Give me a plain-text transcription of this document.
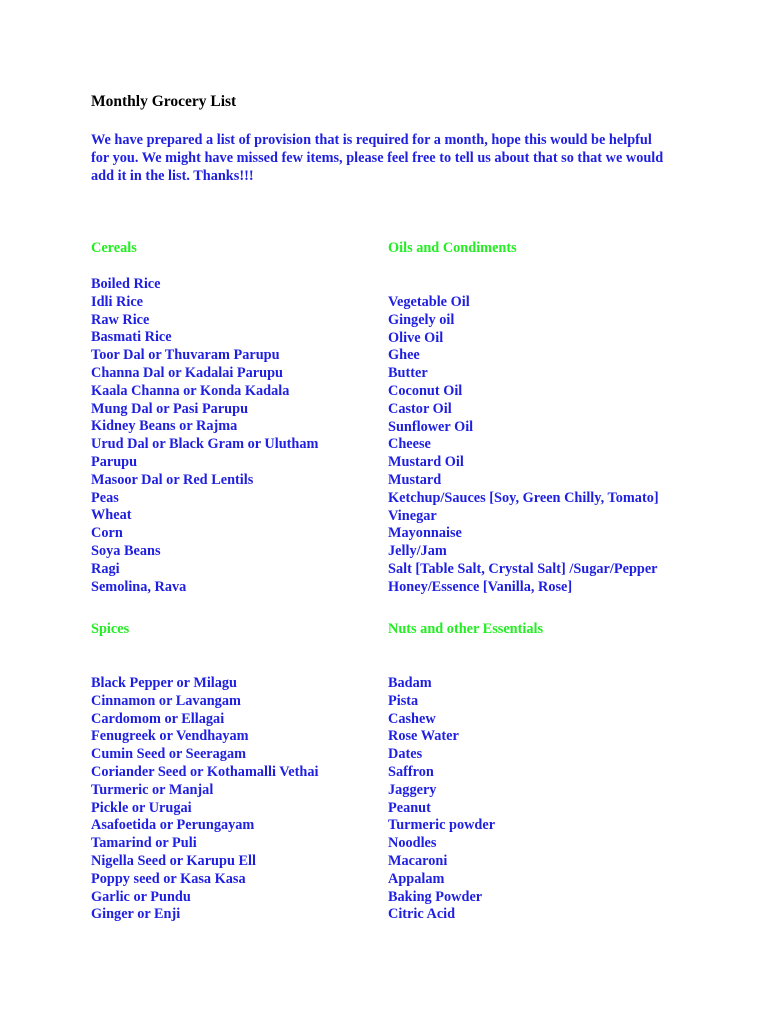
Monthly Grocery List

We have prepared a list of provision that is required for a month, hope this would be helpful for you. We might have missed few items, please feel free to tell us about that so that we would add it in the list. Thanks!!!

Cereals	Oils and Condiments
Boiled Rice
Idli Rice
Raw Rice
Basmati Rice
Toor Dal or Thuvaram Parupu
Channa Dal or Kadalai Parupu
Kaala Channa or Konda Kadala
Mung Dal or Pasi Parupu
Kidney Beans or Rajma
Urud Dal or Black Gram or Ulutham
Parupu
Masoor Dal or Red Lentils
Peas
Wheat
Corn
Soya Beans
Ragi
Semolina, Rava
Vegetable Oil
Gingely oil
Olive Oil
Ghee
Butter
Coconut Oil
Castor Oil
Sunflower Oil
Cheese
Mustard Oil
Mustard
Ketchup/Sauces [Soy, Green Chilly, Tomato]
Vinegar
Mayonnaise
Jelly/Jam
Salt [Table Salt, Crystal Salt] /Sugar/Pepper
Honey/Essence [Vanilla, Rose]
Spices	Nuts and other Essentials
Black Pepper or Milagu
Cinnamon or Lavangam
Cardomom or Ellagai
Fenugreek or Vendhayam
Cumin Seed or Seeragam
Coriander Seed or Kothamalli Vethai
Turmeric or Manjal
Pickle or Urugai
Asafoetida or Perungayam
Tamarind or Puli
Nigella Seed or Karupu Ell
Poppy seed or Kasa Kasa
Garlic or Pundu
Ginger or Enji
Badam
Pista
Cashew
Rose Water
Dates
Saffron
Jaggery
Peanut
Turmeric powder
Noodles
Macaroni
Appalam
Baking Powder
Citric Acid
